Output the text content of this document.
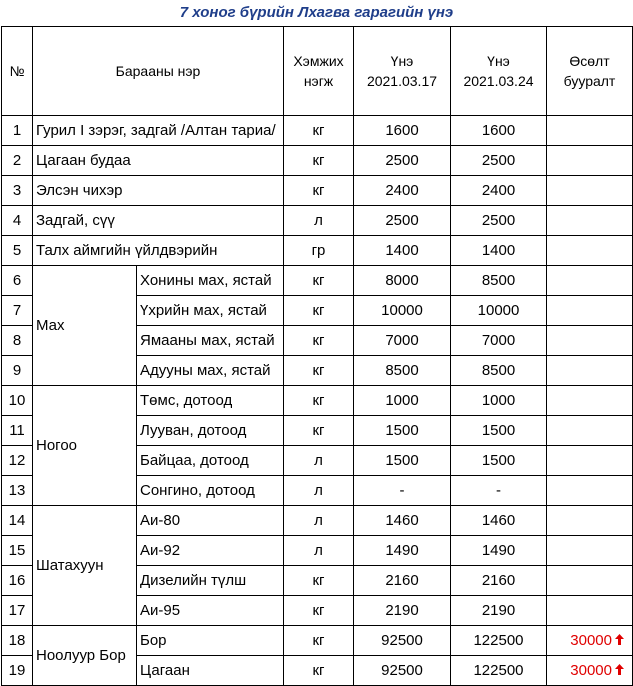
7 хоног бүрийн Лхагва гарагийн үнэ
№	Барааны нэр		Хэмжих нэгж	Үнэ 2021.03.17	Үнэ 2021.03.24	Өсөлт бууралт
1	Гурил I зэрэг, задгай /Алтан тариа/		кг	1600	1600	
2	Цагаан будаа		кг	2500	2500	
3	Элсэн чихэр		кг	2400	2400	
4	Задгай, сүү		л	2500	2500	
5	Талх аймгийн үйлдвэрийн		гр	1400	1400	
6	Мах	Хонины мах, ястай	кг	8000	8500	
7		Үхрийн мах, ястай	кг	10000	10000	
8		Ямааны мах, ястай	кг	7000	7000	
9		Адууны мах, ястай	кг	8500	8500	
10	Ногоо	Төмс, дотоод	кг	1000	1000	
11		Лууван, дотоод	кг	1500	1500	
12		Байцаа, дотоод	л	1500	1500	
13		Сонгино, дотоод	л	-	-	
14	Шатахуун	Аи-80	л	1460	1460	
15		Аи-92	л	1490	1490	
16		Дизелийн түлш	кг	2160	2160	
17		Аи-95	кг	2190	2190	
18	Ноолуур Бор	Бор	кг	92500	122500	30000
19		Цагаан	кг	92500	122500	30000
